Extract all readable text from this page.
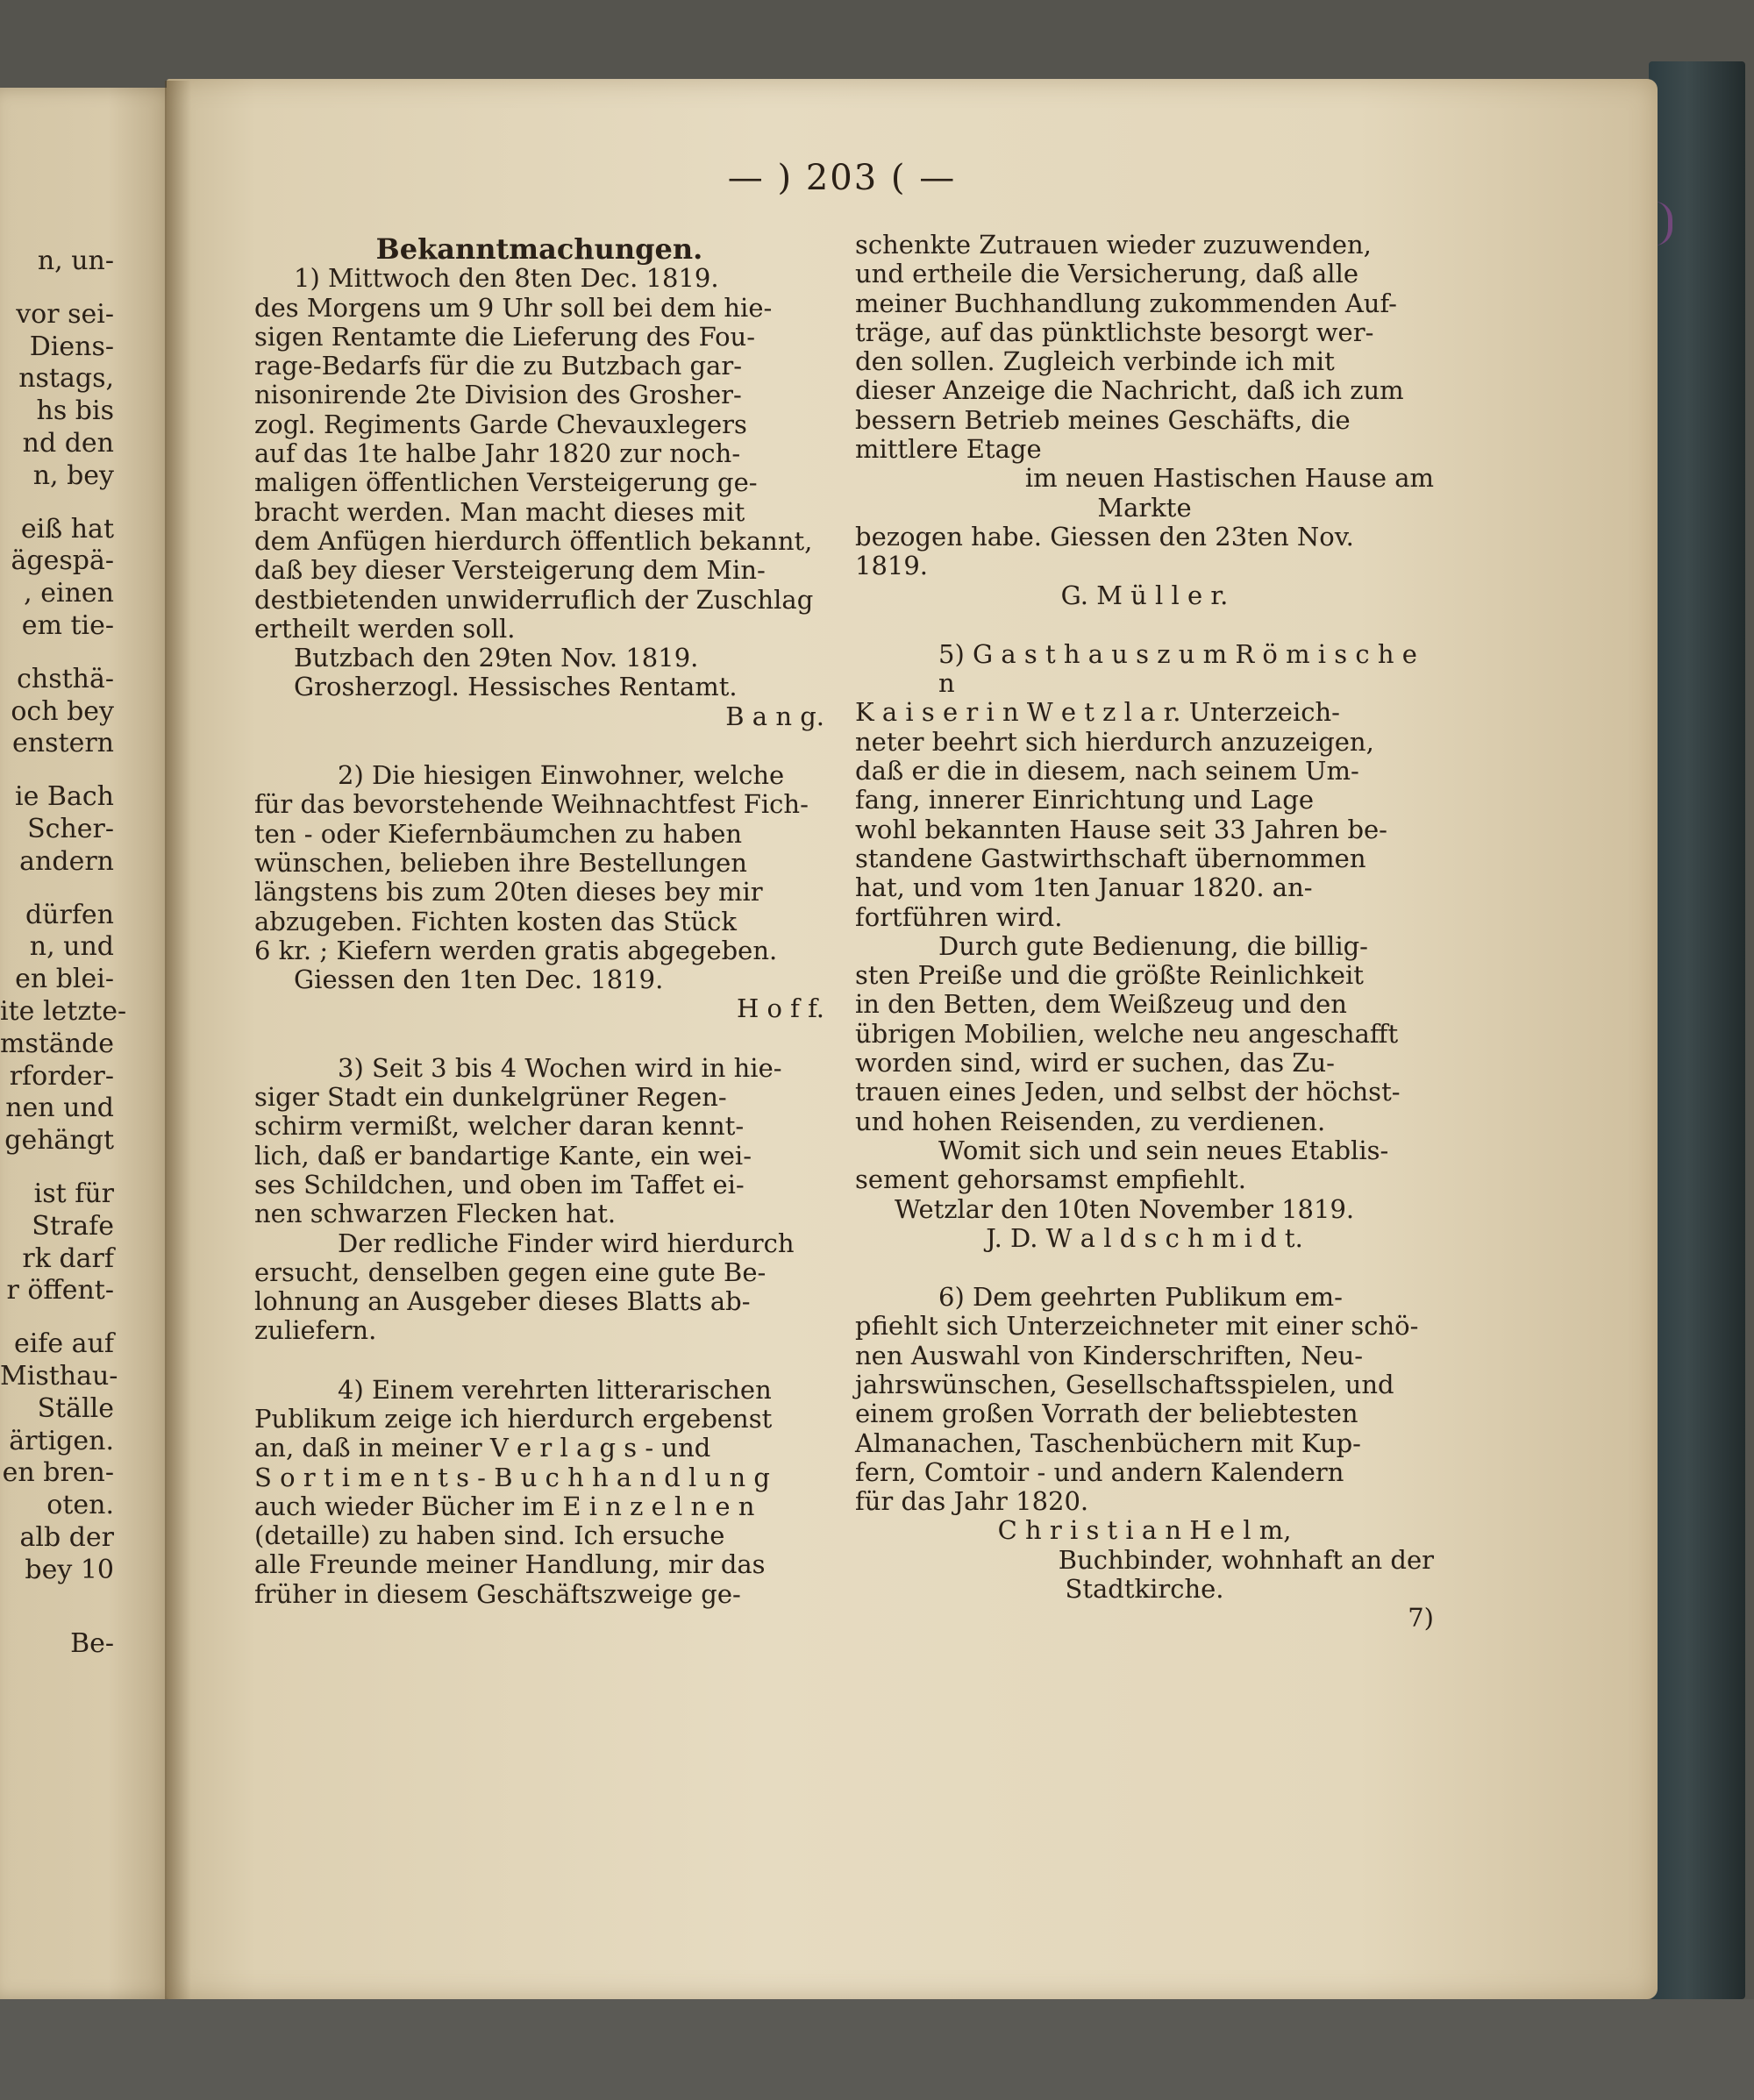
n, un-
vor sei-
Diens-
nstags,
hs bis
nd den
n, bey
eiß hat
ägespä-
, einen
em tie-
chsthä-
och bey
enstern
ie Bach
Scher-
andern
dürfen
n, und
en blei-
ite letzte-
mstände
rforder-
nen und
gehängt
ist für
Strafe
rk darf
r öffent-
eife auf
Misthau-
Ställe
ärtigen.
en bren-
oten.
alb der
bey 10
Be-
— ) 203 ( —

Bekanntmachungen.

1) Mittwoch den 8ten Dec. 1819.

des Morgens um 9 Uhr soll bei dem hie-

sigen Rentamte die Lieferung des Fou-

rage-Bedarfs für die zu Butzbach gar-

nisonirende 2te Division des Grosher-

zogl. Regiments Garde Chevauxlegers

auf das 1te halbe Jahr 1820 zur noch-

maligen öffentlichen Versteigerung ge-

bracht werden. Man macht dieses mit

dem Anfügen hierdurch öffentlich bekannt,

daß bey dieser Versteigerung dem Min-

destbietenden unwiderruflich der Zuschlag

ertheilt werden soll.

Butzbach den 29ten Nov. 1819.

Grosherzogl. Hessisches Rentamt.

B a n g.

2) Die hiesigen Einwohner, welche

für das bevorstehende Weihnachtfest Fich-

ten - oder Kiefernbäumchen zu haben

wünschen, belieben ihre Bestellungen

längstens bis zum 20ten dieses bey mir

abzugeben. Fichten kosten das Stück

6 kr. ; Kiefern werden gratis abgegeben.

Giessen den 1ten Dec. 1819.

H o f f.

3) Seit 3 bis 4 Wochen wird in hie-

siger Stadt ein dunkelgrüner Regen-

schirm vermißt, welcher daran kennt-

lich, daß er bandartige Kante, ein wei-

ses Schildchen, und oben im Taffet ei-

nen schwarzen Flecken hat.

Der redliche Finder wird hierdurch

ersucht, denselben gegen eine gute Be-

lohnung an Ausgeber dieses Blatts ab-

zuliefern.

4) Einem verehrten litterarischen

Publikum zeige ich hierdurch ergebenst

an, daß in meiner V e r l a g s - und

S o r t i m e n t s - B u c h h a n d l u n g

auch wieder Bücher im E i n z e l n e n

(detaille) zu haben sind. Ich ersuche

alle Freunde meiner Handlung, mir das

früher in diesem Geschäftszweige ge-

schenkte Zutrauen wieder zuzuwenden,

und ertheile die Versicherung, daß alle

meiner Buchhandlung zukommenden Auf-

träge, auf das pünktlichste besorgt wer-

den sollen. Zugleich verbinde ich mit

dieser Anzeige die Nachricht, daß ich zum

bessern Betrieb meines Geschäfts, die

mittlere Etage

im neuen Hastischen Hause am

Markte

bezogen habe. Giessen den 23ten Nov.

1819.

G. M ü l l e r.

5) G a s t h a u s z u m R ö m i s c h e n

K a i s e r i n W e t z l a r. Unterzeich-

neter beehrt sich hierdurch anzuzeigen,

daß er die in diesem, nach seinem Um-

fang, innerer Einrichtung und Lage

wohl bekannten Hause seit 33 Jahren be-

standene Gastwirthschaft übernommen

hat, und vom 1ten Januar 1820. an-

fortführen wird.

Durch gute Bedienung, die billig-

sten Preiße und die größte Reinlichkeit

in den Betten, dem Weißzeug und den

übrigen Mobilien, welche neu angeschafft

worden sind, wird er suchen, das Zu-

trauen eines Jeden, und selbst der höchst-

und hohen Reisenden, zu verdienen.

Womit sich und sein neues Etablis-

sement gehorsamst empfiehlt.

Wetzlar den 10ten November 1819.

J. D. W a l d s c h m i d t.

6) Dem geehrten Publikum em-

pfiehlt sich Unterzeichneter mit einer schö-

nen Auswahl von Kinderschriften, Neu-

jahrswünschen, Gesellschaftsspielen, und

einem großen Vorrath der beliebtesten

Almanachen, Taschenbüchern mit Kup-

fern, Comtoir - und andern Kalendern

für das Jahr 1820.

C h r i s t i a n H e l m,

Buchbinder, wohnhaft an der

Stadtkirche.

7)
